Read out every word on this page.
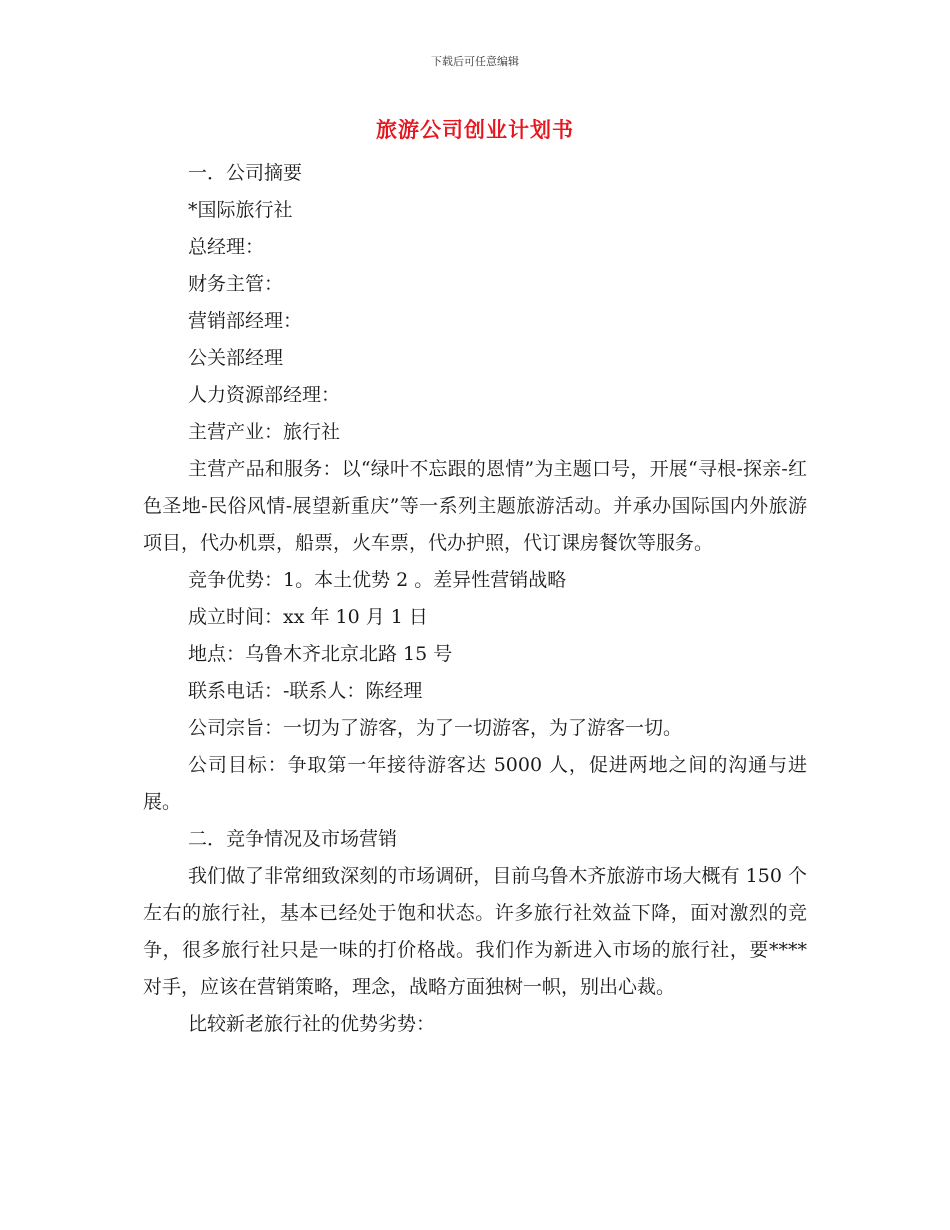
下载后可任意编辑
旅游公司创业计划书

一．公司摘要

*国际旅行社

总经理：

财务主管：

营销部经理：

公关部经理

人力资源部经理：

主营产业：旅行社

主营产品和服务：以“绿叶不忘跟的恩情”为主题口号，开展“寻根-探亲-红色圣地-民俗风情-展望新重庆”等一系列主题旅游活动。并承办国际国内外旅游项目，代办机票，船票，火车票，代办护照，代订课房餐饮等服务。

竞争优势：1。本土优势 2 。差异性营销战略

成立时间：xx 年 10 月 1 日

地点：乌鲁木齐北京北路 15 号

联系电话：-联系人：陈经理

公司宗旨：一切为了游客，为了一切游客，为了游客一切。

公司目标：争取第一年接待游客达 5000 人，促进两地之间的沟通与进展。

二．竞争情况及市场营销

我们做了非常细致深刻的市场调研，目前乌鲁木齐旅游市场大概有 150 个左右的旅行社，基本已经处于饱和状态。许多旅行社效益下降，面对激烈的竞争，很多旅行社只是一味的打价格战。我们作为新进入市场的旅行社，要****对手，应该在营销策略，理念，战略方面独树一帜，别出心裁。

比较新老旅行社的优势劣势：
